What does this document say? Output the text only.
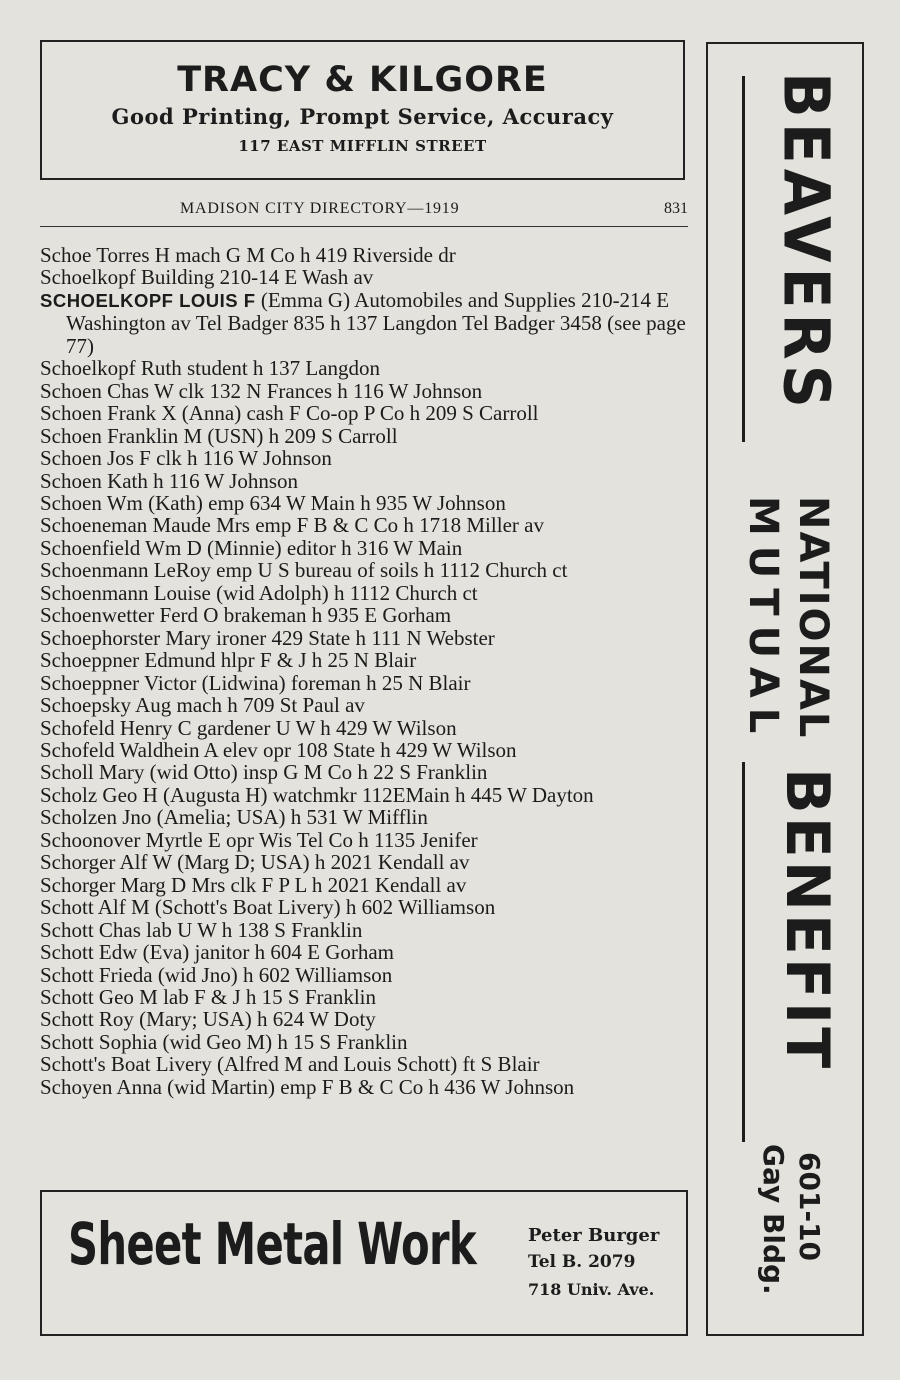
TRACY & KILGORE
Good Printing, Prompt Service, Accuracy
117 EAST MIFFLIN STREET
MADISON CITY DIRECTORY—1919	831
Schoe Torres H mach G M Co h 419 Riverside dr
Schoelkopf Building 210-14 E Wash av
SCHOELKOPF LOUIS F (Emma G) Automobiles and Supplies 210-214 E Washington av Tel Badger 835 h 137 Langdon Tel Badger 3458 (see page 77)
Schoelkopf Ruth student h 137 Langdon
Schoen Chas W clk 132 N Frances h 116 W Johnson
Schoen Frank X (Anna) cash F Co-op P Co h 209 S Carroll
Schoen Franklin M (USN) h 209 S Carroll
Schoen Jos F clk h 116 W Johnson
Schoen Kath h 116 W Johnson
Schoen Wm (Kath) emp 634 W Main h 935 W Johnson
Schoeneman Maude Mrs emp F B & C Co h 1718 Miller av
Schoenfield Wm D (Minnie) editor h 316 W Main
Schoenmann LeRoy emp U S bureau of soils h 1112 Church ct
Schoenmann Louise (wid Adolph) h 1112 Church ct
Schoenwetter Ferd O brakeman h 935 E Gorham
Schoephorster Mary ironer 429 State h 111 N Webster
Schoeppner Edmund hlpr F & J h 25 N Blair
Schoeppner Victor (Lidwina) foreman h 25 N Blair
Schoepsky Aug mach h 709 St Paul av
Schofeld Henry C gardener U W h 429 W Wilson
Schofeld Waldhein A elev opr 108 State h 429 W Wilson
Scholl Mary (wid Otto) insp G M Co h 22 S Franklin
Scholz Geo H (Augusta H) watchmkr 112EMain h 445 W Dayton
Scholzen Jno (Amelia; USA) h 531 W Mifflin
Schoonover Myrtle E opr Wis Tel Co h 1135 Jenifer
Schorger Alf W (Marg D; USA) h 2021 Kendall av
Schorger Marg D Mrs clk F P L h 2021 Kendall av
Schott Alf M (Schott's Boat Livery) h 602 Williamson
Schott Chas lab U W h 138 S Franklin
Schott Edw (Eva) janitor h 604 E Gorham
Schott Frieda (wid Jno) h 602 Williamson
Schott Geo M lab F & J h 15 S Franklin
Schott Roy (Mary; USA) h 624 W Doty
Schott Sophia (wid Geo M) h 15 S Franklin
Schott's Boat Livery (Alfred M and Louis Schott) ft S Blair
Schoyen Anna (wid Martin) emp F B & C Co h 436 W Johnson
Sheet Metal Work	Peter Burger
Tel B. 2079
718 Univ. Ave.
BEAVERS
NATIONAL
MUTUAL
BENEFIT
601-10
Gay Bldg.
